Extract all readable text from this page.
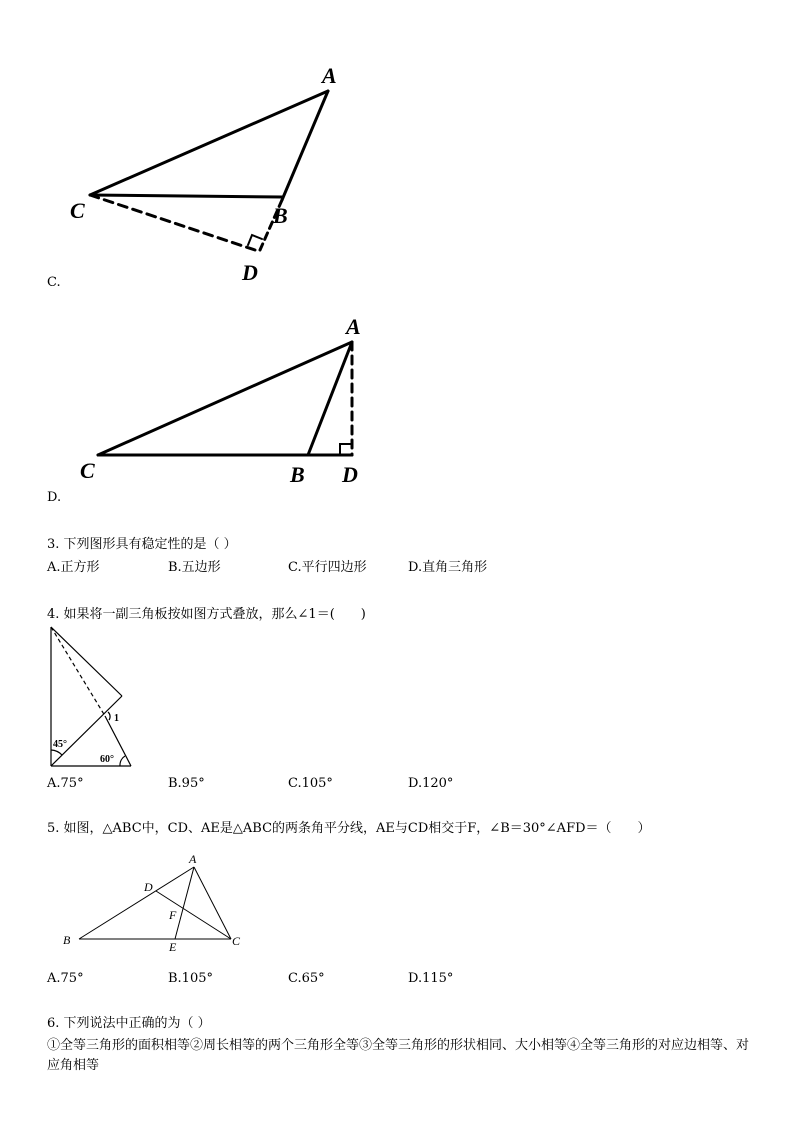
A
C	B
D
C.
A
C	B D
D.
3. 下列图形具有稳定性的是（ ）
A.正方形	B.五边形	C.平行四边形	D.直角三角形
4. 如果将一副三角板按如图方式叠放，那么∠1＝(　　)
1
45°
60°
A.75°	B.95°	C.105°	D.120°
5. 如图，△ABC中，CD、AE是△ABC的两条角平分线，AE与CD相交于F，∠B＝30°∠AFD＝（　　）
A
D
F
B	E	C
A.75°	B.105°	C.65°	D.115°
6. 下列说法中正确的为（ ）
①全等三角形的面积相等②周长相等的两个三角形全等③全等三角形的形状相同、大小相等④全等三角形的对应边相等、对应角相等
